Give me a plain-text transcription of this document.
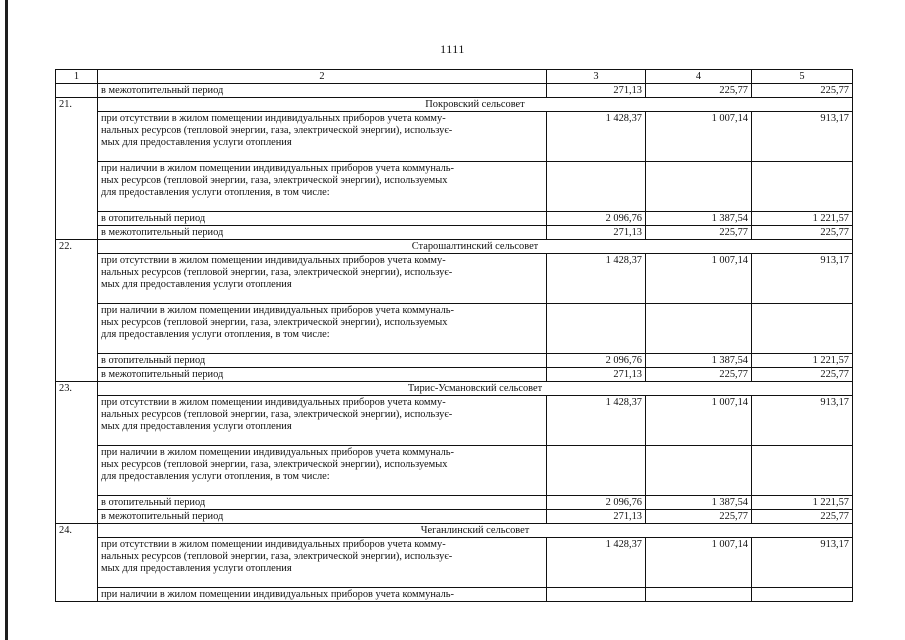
1111
1	2	3	4	5
	в межотопительный период	271,13	225,77	225,77
21.	Покровский сельсовет			

	при отсутствии в жилом помещении индивидуальных приборов учета комму-
нальных ресурсов (тепловой энергии, газа, электрической энергии), использує-
мых для предоставления услуги отопления	1 428,37	1 007,14	913,17

	при наличии в жилом помещении индивидуальных приборов учета коммуналь-
ных ресурсов (тепловой энергии, газа, электрической энергии), используемых
для предоставления услуги отопления, в том числе:			

	в отопительный период	2 096,76	1 387,54	1 221,57
	в межотопительный период	271,13	225,77	225,77
22.	Старошалтинский сельсовет			

	при отсутствии в жилом помещении индивидуальных приборов учета комму-
нальных ресурсов (тепловой энергии, газа, электрической энергии), использує-
мых для предоставления услуги отопления	1 428,37	1 007,14	913,17

	при наличии в жилом помещении индивидуальных приборов учета коммуналь-
ных ресурсов (тепловой энергии, газа, электрической энергии), используемых
для предоставления услуги отопления, в том числе:			

	в отопительный период	2 096,76	1 387,54	1 221,57
	в межотопительный период	271,13	225,77	225,77
23.	Тирис-Усмановский сельсовет			

	при отсутствии в жилом помещении индивидуальных приборов учета комму-
нальных ресурсов (тепловой энергии, газа, электрической энергии), использує-
мых для предоставления услуги отопления	1 428,37	1 007,14	913,17

	при наличии в жилом помещении индивидуальных приборов учета коммуналь-
ных ресурсов (тепловой энергии, газа, электрической энергии), используемых
для предоставления услуги отопления, в том числе:			

	в отопительный период	2 096,76	1 387,54	1 221,57
	в межотопительный период	271,13	225,77	225,77
24.	Чеганлинский сельсовет			

	при отсутствии в жилом помещении индивидуальных приборов учета комму-
нальных ресурсов (тепловой энергии, газа, электрической энергии), использує-
мых для предоставления услуги отопления	1 428,37	1 007,14	913,17

	при наличии в жилом помещении индивидуальных приборов учета коммуналь-			
